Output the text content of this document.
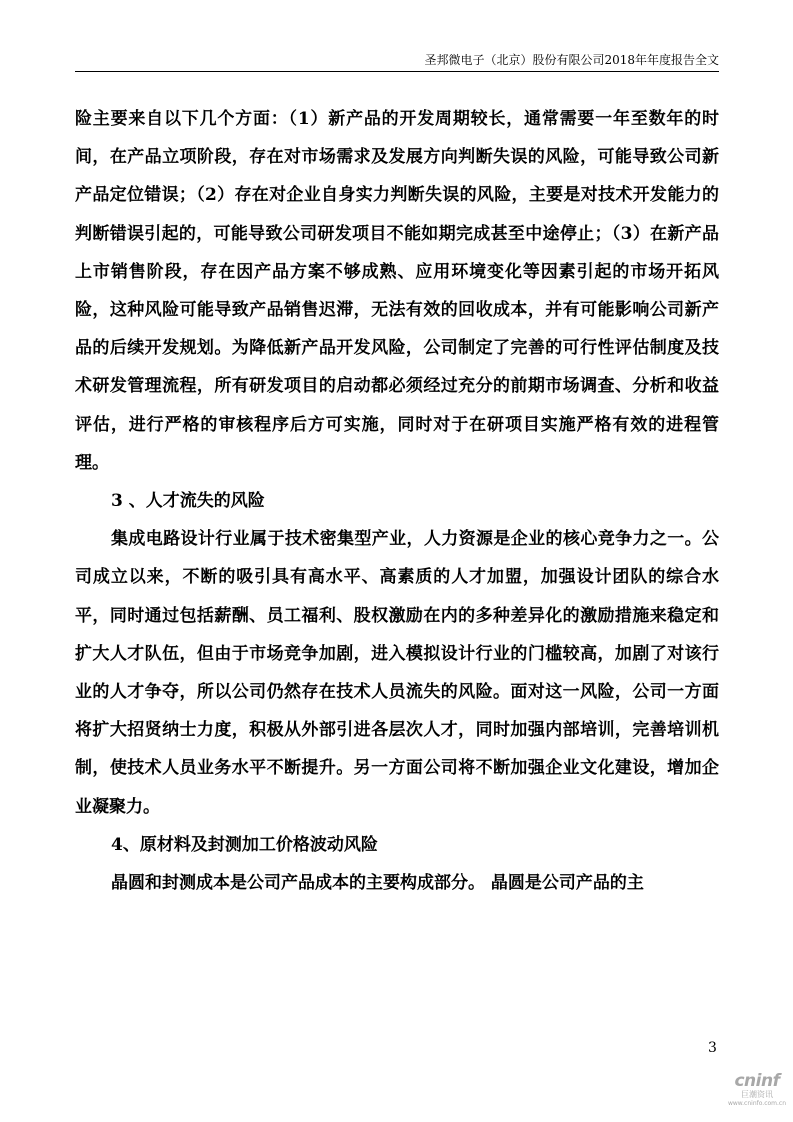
圣邦微电子（北京）股份有限公司2018年年度报告全文

险主要来自以下几个方面：（1）新产品的开发周期较长，通常需要一年至数年的时间，在产品立项阶段，存在对市场需求及发展方向判断失误的风险，可能导致公司新产品定位错误；（2）存在对企业自身实力判断失误的风险，主要是对技术开发能力的判断错误引起的，可能导致公司研发项目不能如期完成甚至中途停止；（3）在新产品上市销售阶段，存在因产品方案不够成熟、应用环境变化等因素引起的市场开拓风险，这种风险可能导致产品销售迟滞，无法有效的回收成本，并有可能影响公司新产品的后续开发规划。为降低新产品开发风险，公司制定了完善的可行性评估制度及技术研发管理流程，所有研发项目的启动都必须经过充分的前期市场调查、分析和收益评估，进行严格的审核程序后方可实施，同时对于在研项目实施严格有效的进程管理。

3 、人才流失的风险

集成电路设计行业属于技术密集型产业，人力资源是企业的核心竞争力之一。公司成立以来，不断的吸引具有高水平、高素质的人才加盟，加强设计团队的综合水平，同时通过包括薪酬、员工福利、股权激励在内的多种差异化的激励措施来稳定和扩大人才队伍，但由于市场竞争加剧，进入模拟设计行业的门槛较高，加剧了对该行业的人才争夺，所以公司仍然存在技术人员流失的风险。面对这一风险，公司一方面将扩大招贤纳士力度，积极从外部引进各层次人才，同时加强内部培训，完善培训机制，使技术人员业务水平不断提升。另一方面公司将不断加强企业文化建设，增加企业凝聚力。

4、原材料及封测加工价格波动风险

晶圆和封测成本是公司产品成本的主要构成部分。 晶圆是公司产品的主

3
cninf
巨潮资讯
www.cninfo.com.cn
